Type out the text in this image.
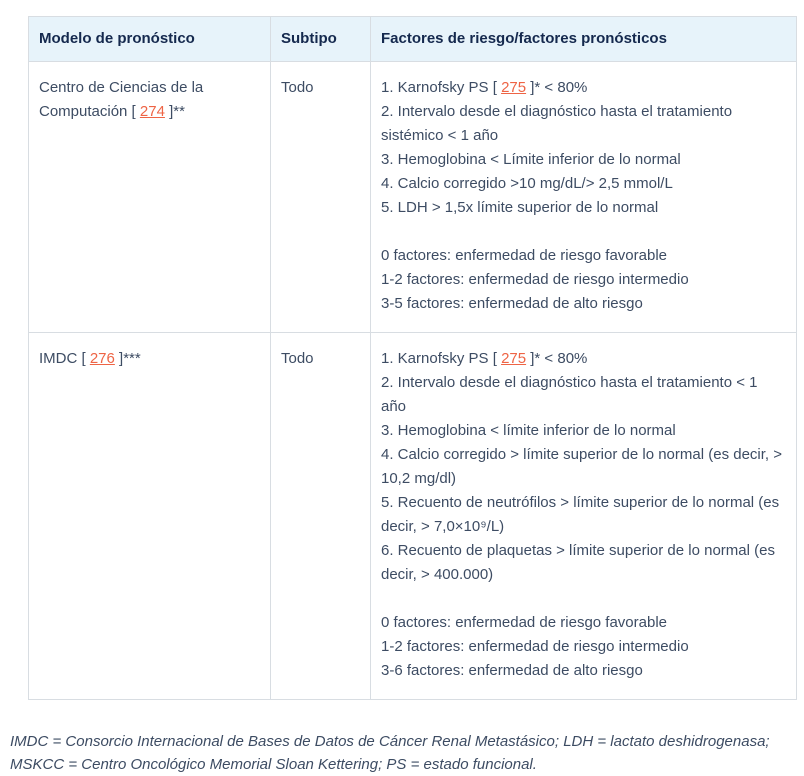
Modelo de pronóstico	Subtipo	Factores de riesgo/factores pronósticos
Centro de Ciencias de la Computación [ 274 ]**	Todo	1. Karnofsky PS [ 275 ]* < 80%
2. Intervalo desde el diagnóstico hasta el tratamiento sistémico < 1 año
3. Hemoglobina < Límite inferior de lo normal
4. Calcio corregido >10 mg/dL/> 2,5 mmol/L
5. LDH > 1,5x límite superior de lo normal
0 factores: enfermedad de riesgo favorable
1-2 factores: enfermedad de riesgo intermedio
3-5 factores: enfermedad de alto riesgo

IMDC [ 276 ]***	Todo	1. Karnofsky PS [ 275 ]* < 80%
2. Intervalo desde el diagnóstico hasta el tratamiento < 1 año
3. Hemoglobina < límite inferior de lo normal
4. Calcio corregido > límite superior de lo normal (es decir, > 10,2 mg/dl)
5. Recuento de neutrófilos > límite superior de lo normal (es decir, > 7,0×10⁹/L)
6. Recuento de plaquetas > límite superior de lo normal (es decir, > 400.000)
0 factores: enfermedad de riesgo favorable
1-2 factores: enfermedad de riesgo intermedio
3-6 factores: enfermedad de alto riesgo

IMDC = Consorcio Internacional de Bases de Datos de Cáncer Renal Metastásico; LDH = lactato deshidrogenasa; MSKCC = Centro Oncológico Memorial Sloan Kettering; PS = estado funcional.
